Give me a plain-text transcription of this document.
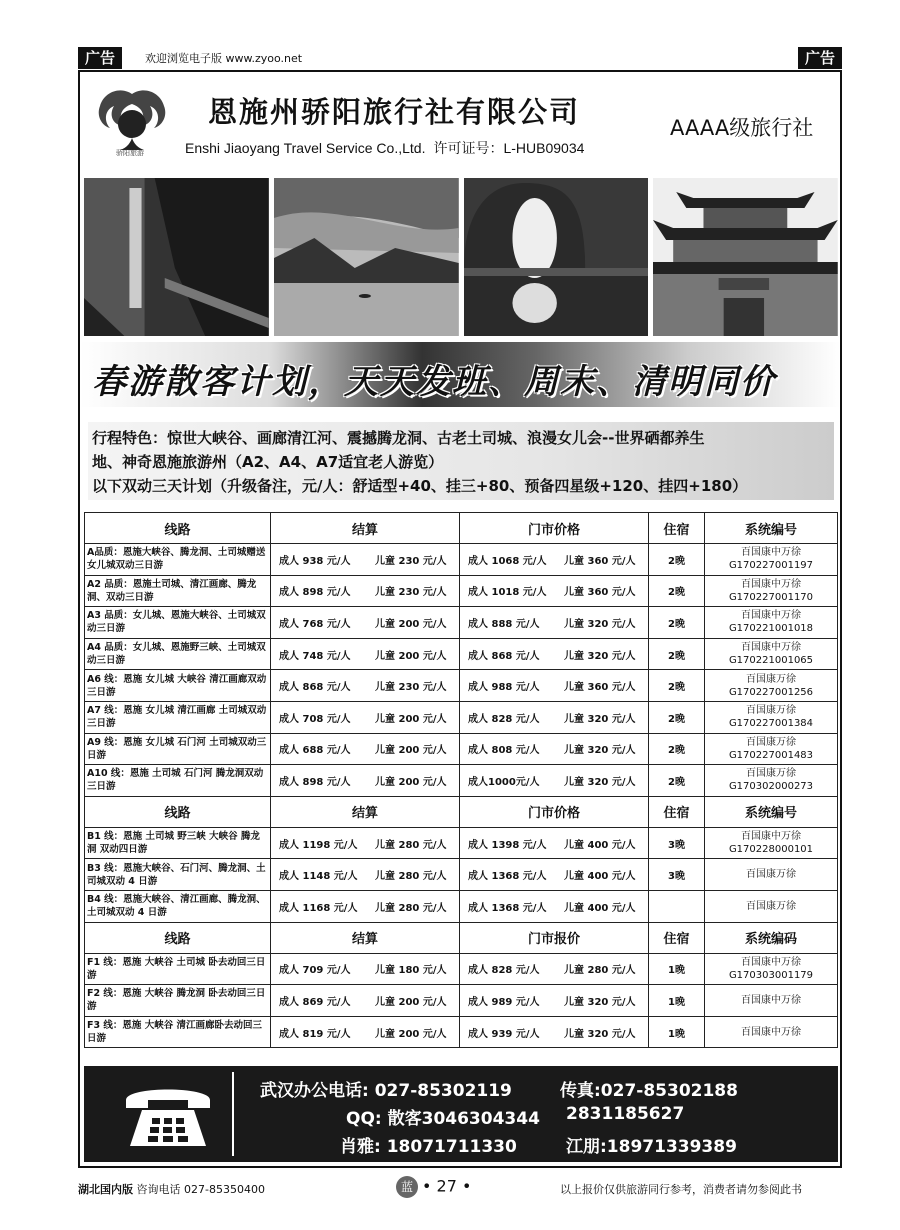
广告	欢迎浏览电子版 www.zyoo.net	广告
骄阳旅游
恩施州骄阳旅行社有限公司
Enshi Jiaoyang Travel Service Co.,Ltd. 许可证号：L-HUB09034
AAAA级旅行社
春游散客计划，天天发班、周末、清明同价
行程特色：惊世大峡谷、画廊清江河、震撼腾龙洞、古老土司城、浪漫女儿会--世界硒都养生
地、神奇恩施旅游州（A2、A4、A7适宜老人游览）
以下双动三天计划（升级备注，元/人：舒适型+40、挂三+80、预备四星级+120、挂四+180）
线路	结算	门市价格	住宿	系统编号
A品质：恩施大峡谷、腾龙洞、土司城赠送女儿城双动三日游	成人 938 元/人 儿童 230 元/人	成人 1068 元/人 儿童 360 元/人	2晚	百国康中万徐
G170227001197

A2 品质：恩施土司城、清江画廊、腾龙洞、双动三日游	成人 898 元/人 儿童 230 元/人	成人 1018 元/人 儿童 360 元/人	2晚	百国康中万徐
G170227001170

A3 品质：女儿城、恩施大峡谷、土司城双动三日游	成人 768 元/人 儿童 200 元/人	成人 888 元/人 儿童 320 元/人	2晚	百国康中万徐
G170221001018

A4 品质：女儿城、恩施野三峡、土司城双动三日游	成人 748 元/人 儿童 200 元/人	成人 868 元/人 儿童 320 元/人	2晚	百国康中万徐
G170221001065

A6 线：恩施 女儿城 大峡谷 清江画廊双动三日游	成人 868 元/人 儿童 230 元/人	成人 988 元/人 儿童 360 元/人	2晚	百国康万徐
G170227001256

A7 线：恩施 女儿城 清江画廊 土司城双动三日游	成人 708 元/人 儿童 200 元/人	成人 828 元/人 儿童 320 元/人	2晚	百国康万徐
G170227001384

A9 线：恩施 女儿城 石门河 土司城双动三日游	成人 688 元/人 儿童 200 元/人	成人 808 元/人 儿童 320 元/人	2晚	百国康万徐
G170227001483

A10 线：恩施 土司城 石门河 腾龙洞双动三日游	成人 898 元/人 儿童 200 元/人	成人1000元/人 儿童 320 元/人	2晚	百国康万徐
G170302000273

线路	结算	门市价格	住宿	系统编号
B1 线：恩施 土司城 野三峡 大峡谷 腾龙洞 双动四日游	成人 1198 元/人 儿童 280 元/人	成人 1398 元/人 儿童 400 元/人	3晚	百国康中万徐
G170228000101

B3 线：恩施大峡谷、石门河、腾龙洞、土司城双动 4 日游	成人 1148 元/人 儿童 280 元/人	成人 1368 元/人 儿童 400 元/人	3晚	百国康万徐

B4 线：恩施大峡谷、清江画廊、腾龙洞、土司城双动 4 日游	成人 1168 元/人 儿童 280 元/人	成人 1368 元/人 儿童 400 元/人		百国康万徐

线路	结算	门市报价	住宿	系统编码
F1 线：恩施 大峡谷 土司城 卧去动回三日游	成人 709 元/人 儿童 180 元/人	成人 828 元/人 儿童 280 元/人	1晚	百国康中万徐
G170303001179

F2 线：恩施 大峡谷 腾龙洞 卧去动回三日游	成人 869 元/人 儿童 200 元/人	成人 989 元/人 儿童 320 元/人	1晚	百国康中万徐

F3 线：恩施 大峡谷 清江画廊卧去动回三日游	成人 819 元/人 儿童 200 元/人	成人 939 元/人 儿童 320 元/人	1晚	百国康中万徐
武汉办公电话: 027-85302119	传真:027-85302188
QQ: 散客3046304344 2831185627
肖雅: 18071711330	江朋:18971339389
湖北国内版 咨询电话 027-85350400	蓝 • 27 •	以上报价仅供旅游同行参考，消费者请勿参阅此书
